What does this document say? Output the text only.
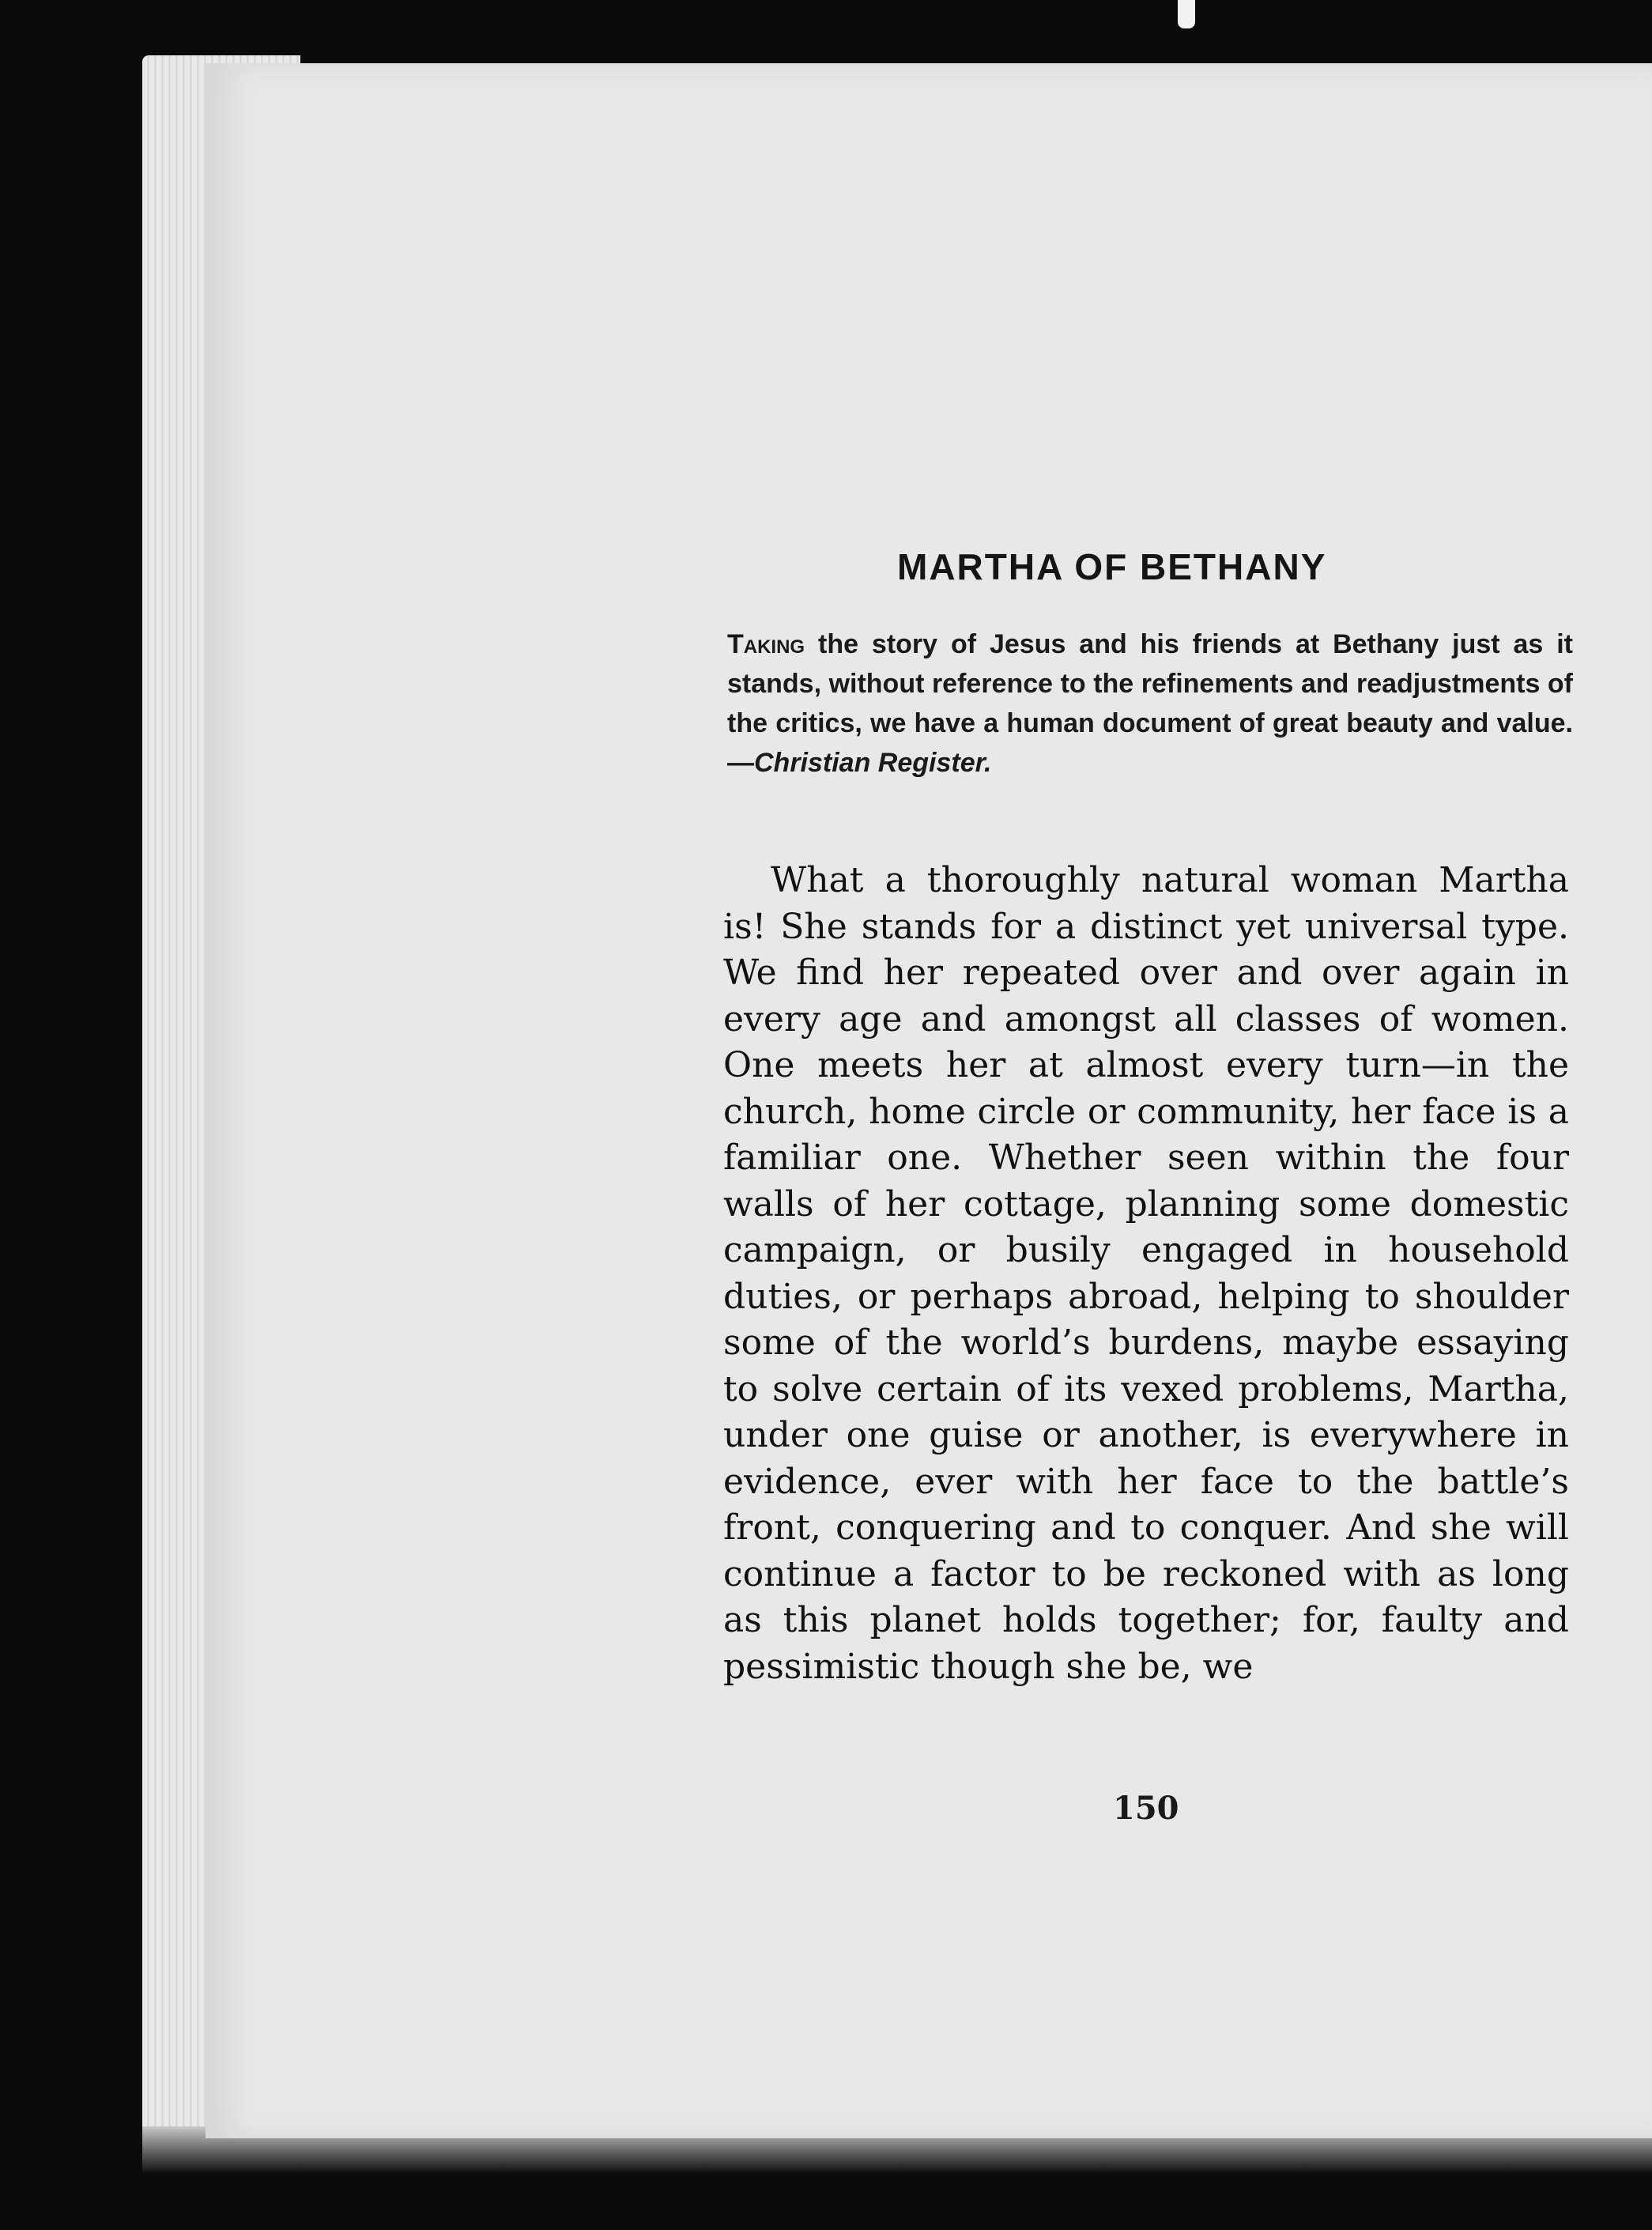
MARTHA OF BETHANY
Taking the story of Jesus and his friends at Bethany just as it stands, without reference to the refinements and readjustments of the critics, we have a human document of great beauty and value.—Christian Register.

What a thoroughly natural woman Martha is! She stands for a distinct yet universal type. We find her repeated over and over again in every age and amongst all classes of women. One meets her at almost every turn—in the church, home circle or community, her face is a familiar one. Whether seen within the four walls of her cottage, planning some domestic campaign, or busily engaged in household duties, or perhaps abroad, helping to shoulder some of the world’s burdens, maybe essaying to solve certain of its vexed problems, Martha, under one guise or another, is everywhere in evidence, ever with her face to the battle’s front, conquering and to conquer. And she will continue a factor to be reckoned with as long as this planet holds together; for, faulty and pessimistic though she be, we

150
